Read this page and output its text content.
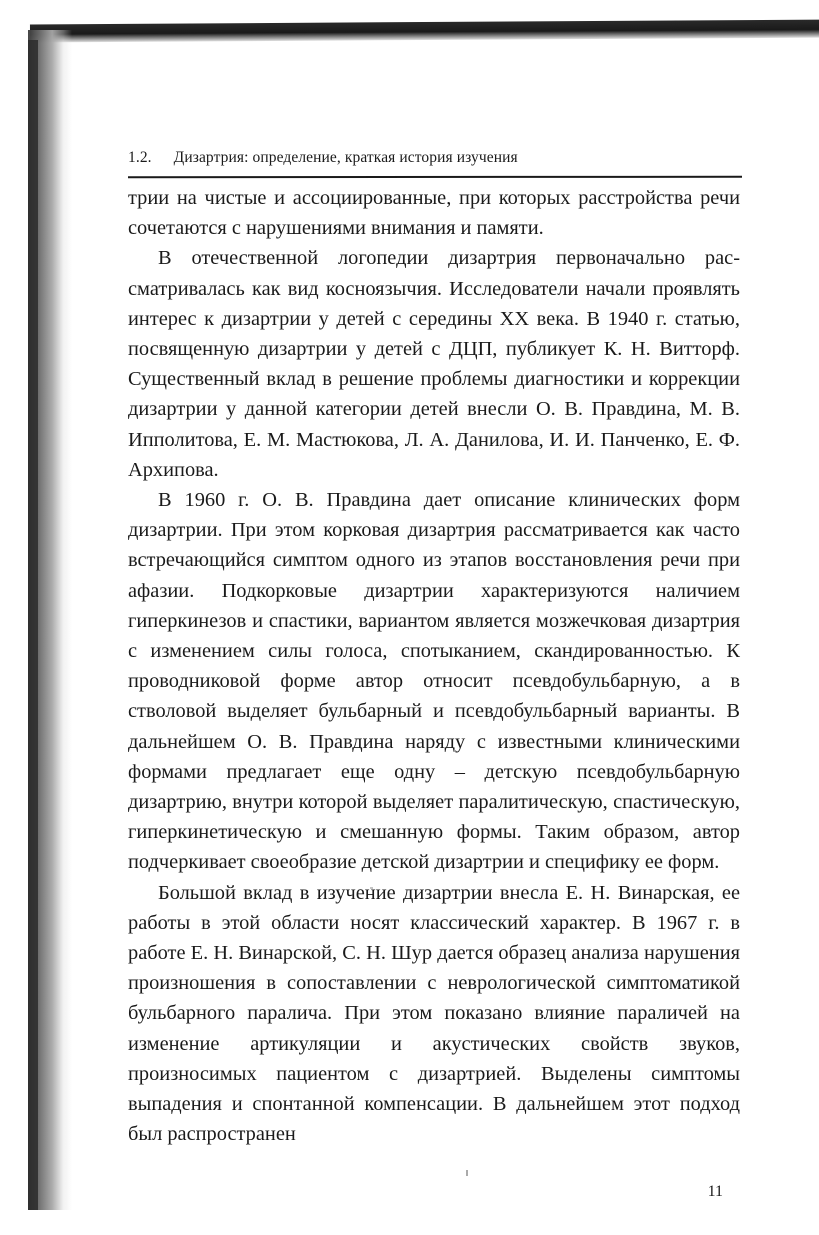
1.2. Дизартрия: определение, краткая история изучения

трии на чистые и ассоциированные, при которых расстройства речи сочетаются с нарушениями внимания и памяти.

В отечественной логопедии дизартрия первоначально рассматривалась как вид косноязычия. Исследователи начали проявлять интерес к дизартрии у детей с середины XX века. В 1940 г. статью, посвященную дизартрии у детей с ДЦП, публикует К. Н. Витторф. Существенный вклад в решение проблемы диагностики и коррекции дизартрии у данной категории детей внесли О. В. Правдина, М. В. Ипполитова, Е. М. Мастюкова, Л. А. Данилова, И. И. Панченко, Е. Ф. Архипова.

В 1960 г. О. В. Правдина дает описание клинических форм дизартрии. При этом корковая дизартрия рассматривается как часто встречающийся симптом одного из этапов восстановления речи при афазии. Подкорковые дизартрии характеризуются наличием гиперкинезов и спастики, вариантом является мозжечковая дизартрия с изменением силы голоса, спотыканием, скандированностью. К проводниковой форме автор относит псевдобульбарную, а в стволовой выделяет бульбарный и псевдобульбарный варианты. В дальнейшем О. В. Правдина наряду с известными клиническими формами предлагает еще одну – детскую псевдобульбарную дизартрию, внутри которой выделяет паралитическую, спастическую, гиперкинетическую и смешанную формы. Таким образом, автор подчеркивает своеобразие детской дизартрии и специфику ее форм.

Большой вклад в изучение дизартрии внесла Е. Н. Винарская, ее работы в этой области носят классический характер. В 1967 г. в работе Е. Н. Винарской, С. Н. Шур дается образец анализа нарушения произношения в сопоставлении с неврологической симптоматикой бульбарного паралича. При этом показано влияние параличей на изменение артикуляции и акустических свойств звуков, произносимых пациентом с дизартрией. Выделены симптомы выпадения и спонтанной компенсации. В дальнейшем этот подход был распространен

11
